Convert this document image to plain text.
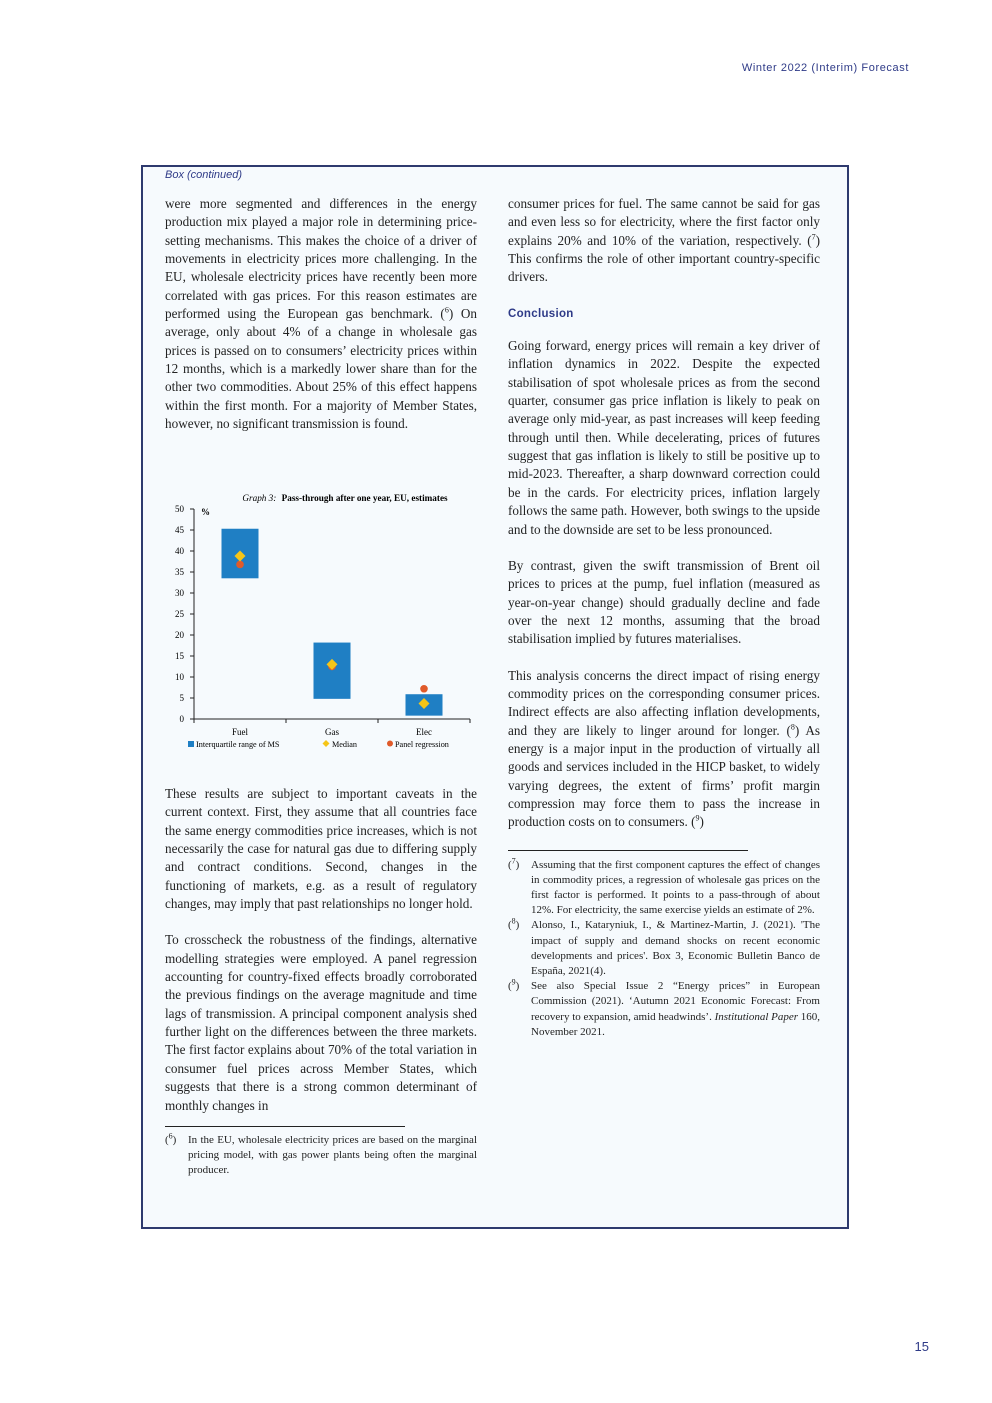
Winter 2022 (Interim) Forecast
Box (continued)

were more segmented and differences in the energy production mix played a major role in determining price-setting mechanisms. This makes the choice of a driver of movements in electricity prices more challenging. In the EU, wholesale electricity prices have recently been more correlated with gas prices. For this reason estimates are performed using the European gas benchmark. ($^6$) On average, only about 4% of a change in wholesale gas prices is passed on to consumers’ electricity prices within 12 months, which is a markedly lower share than for the other two commodities. About 25% of this effect happens within the first month. For a majority of Member States, however, no significant transmission is found.

Graph 3: Pass-through after one year, EU, estimates
%
0
5
10
15
20
25
30
35
40
45
50
Fuel	Gas	Elec
Interquartile range of MS	Median	Panel regression

These results are subject to important caveats in the current context. First, they assume that all countries face the same energy commodities price increases, which is not necessarily the case for natural gas due to differing supply and contract conditions. Second, changes in the functioning of markets, e.g. as a result of regulatory changes, may imply that past relationships no longer hold.

To crosscheck the robustness of the findings, alternative modelling strategies were employed. A panel regression accounting for country-fixed effects broadly corroborated the previous findings on the average magnitude and time lags of transmission. A principal component analysis shed further light on the differences between the three markets. The first factor explains about 70% of the total variation in consumer fuel prices across Member States, which suggests that there is a strong common determinant of monthly changes in

($^6$)	In the EU, wholesale electricity prices are based on the marginal pricing model, with gas power plants being often the marginal producer.

consumer prices for fuel. The same cannot be said for gas and even less so for electricity, where the first factor only explains 20% and 10% of the variation, respectively. ($^7$) This confirms the role of other important country-specific drivers.

Conclusion

Going forward, energy prices will remain a key driver of inflation dynamics in 2022. Despite the expected stabilisation of spot wholesale prices as from the second quarter, consumer gas price inflation is likely to peak on average only mid-year, as past increases will keep feeding through until then. While decelerating, prices of futures suggest that gas inflation is likely to still be positive up to mid-2023. Thereafter, a sharp downward correction could be in the cards. For electricity prices, inflation largely follows the same path. However, both swings to the upside and to the downside are set to be less pronounced.

By contrast, given the swift transmission of Brent oil prices to prices at the pump, fuel inflation (measured as year-on-year change) should gradually decline and fade over the next 12 months, assuming that the broad stabilisation implied by futures materialises.

This analysis concerns the direct impact of rising energy commodity prices on the corresponding consumer prices. Indirect effects are also affecting inflation developments, and they are likely to linger around for longer. ($^8$) As energy is a major input in the production of virtually all goods and services included in the HICP basket, to widely varying degrees, the extent of firms’ profit margin compression may force them to pass the increase in production costs on to consumers. ($^9$)

($^7$)	Assuming that the first component captures the effect of changes in commodity prices, a regression of wholesale gas prices on the first factor is performed. It points to a pass-through of about 12%. For electricity, the same exercise yields an estimate of 2%.
($^8$)	Alonso, I., Kataryniuk, I., & Martinez-Martin, J. (2021). 'The impact of supply and demand shocks on recent economic developments and prices'. Box 3, Economic Bulletin Banco de España, 2021(4).
($^9$)	See also Special Issue 2 “Energy prices” in European Commission (2021). ‘Autumn 2021 Economic Forecast: From recovery to expansion, amid headwinds’. Institutional Paper 160, November 2021.
15
